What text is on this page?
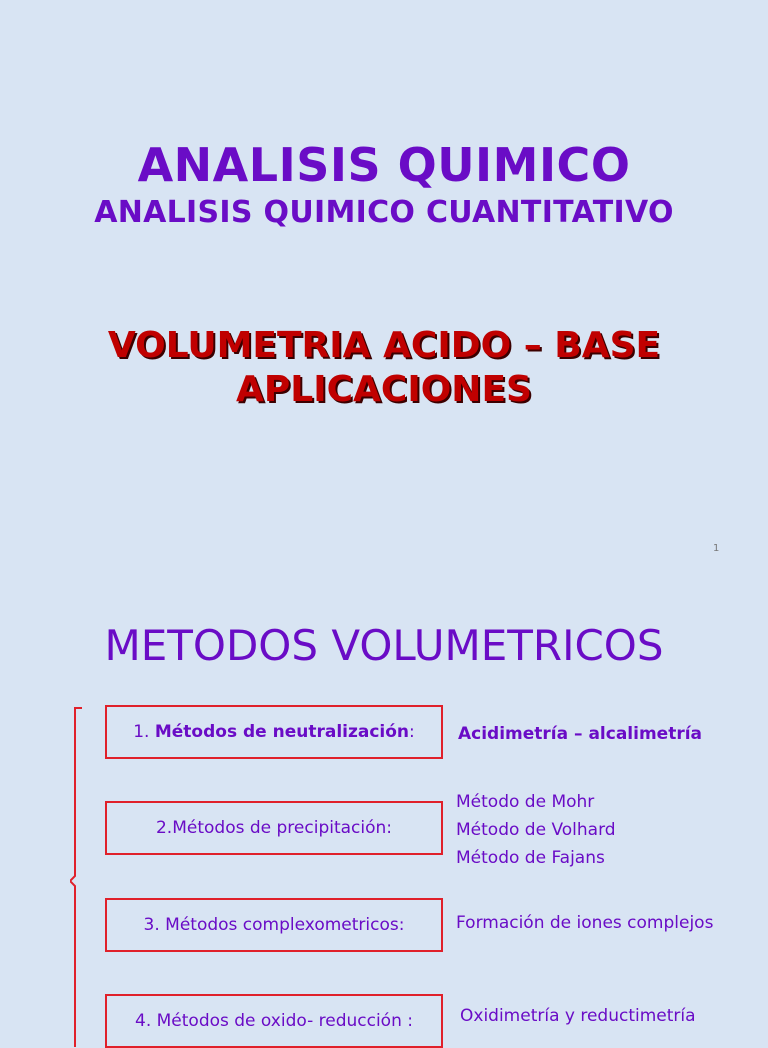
ANALISIS QUIMICO
ANALISIS QUIMICO CUANTITATIVO
VOLUMETRIA ACIDO – BASE
APLICACIONES
1
METODOS VOLUMETRICOS
1. Métodos de neutralización :
2.Métodos de precipitación:
3. Métodos complexometricos:
4. Métodos de oxido- reducción :
Acidimetría – alcalimetría
Método de Mohr
Método de Volhard
Método de Fajans
Formación de iones complejos
Oxidimetría y reductimetría
